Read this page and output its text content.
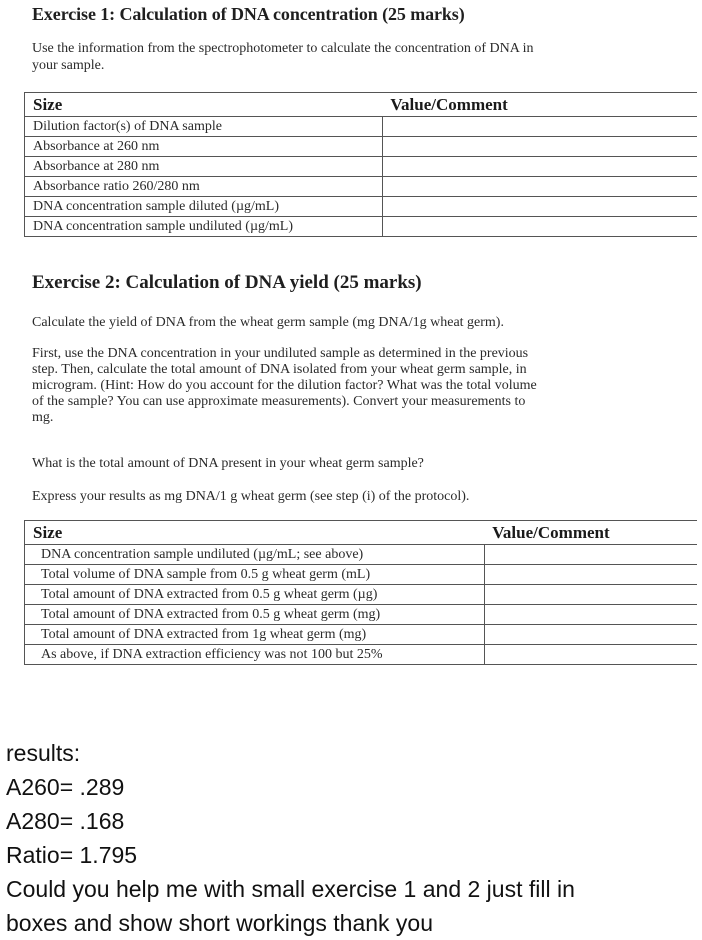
Exercise 1: Calculation of DNA concentration (25 marks)
Use the information from the spectrophotometer to calculate the concentration of DNA in
your sample.
Size	Value/Comment
Dilution factor(s) of DNA sample	
Absorbance at 260 nm	
Absorbance at 280 nm	
Absorbance ratio 260/280 nm	
DNA concentration sample diluted (µg/mL)	
DNA concentration sample undiluted (µg/mL)	
Exercise 2: Calculation of DNA yield (25 marks)
Calculate the yield of DNA from the wheat germ sample (mg DNA/1g wheat germ).
First, use the DNA concentration in your undiluted sample as determined in the previous
step. Then, calculate the total amount of DNA isolated from your wheat germ sample, in
microgram. (Hint: How do you account for the dilution factor? What was the total volume
of the sample? You can use approximate measurements). Convert your measurements to
mg.
What is the total amount of DNA present in your wheat germ sample?
Express your results as mg DNA/1 g wheat germ (see step (i) of the protocol).
Size	Value/Comment
DNA concentration sample undiluted (µg/mL; see above)	
Total volume of DNA sample from 0.5 g wheat germ (mL)	
Total amount of DNA extracted from 0.5 g wheat germ (µg)	
Total amount of DNA extracted from 0.5 g wheat germ (mg)	
Total amount of DNA extracted from 1g wheat germ (mg)	
As above, if DNA extraction efficiency was not 100 but 25%	
results:
A260= .289
A280= .168
Ratio= 1.795
Could you help me with small exercise 1 and 2 just fill in
boxes and show short workings thank you
